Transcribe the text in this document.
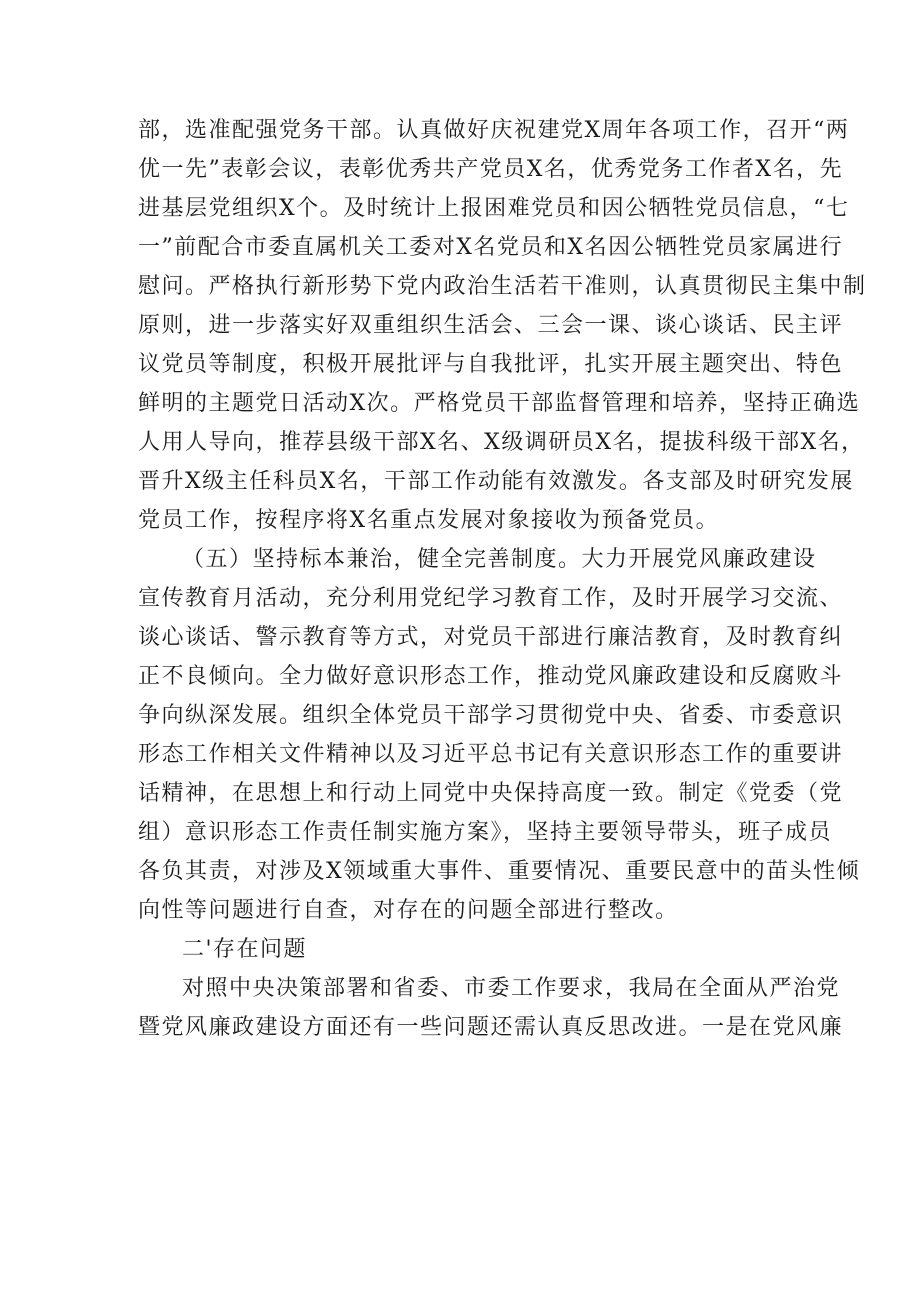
部，选准配强党务干部。认真做好庆祝建党X周年各项工作，召开“两
优一先”表彰会议，表彰优秀共产党员X名，优秀党务工作者X名，先
进基层党组织X个。及时统计上报困难党员和因公牺牲党员信息，“七
一”前配合市委直属机关工委对X名党员和X名因公牺牲党员家属进行
慰问。严格执行新形势下党内政治生活若干准则，认真贯彻民主集中制
原则，进一步落实好双重组织生活会、三会一课、谈心谈话、民主评
议党员等制度，积极开展批评与自我批评，扎实开展主题突出、特色
鲜明的主题党日活动X次。严格党员干部监督管理和培养，坚持正确选
人用人导向，推荐县级干部X名、X级调研员X名，提拔科级干部X名，
晋升X级主任科员X名，干部工作动能有效激发。各支部及时研究发展
党员工作，按程序将X名重点发展对象接收为预备党员。
（五）坚持标本兼治，健全完善制度。大力开展党风廉政建设
宣传教育月活动，充分利用党纪学习教育工作，及时开展学习交流、
谈心谈话、警示教育等方式，对党员干部进行廉洁教育，及时教育纠
正不良倾向。全力做好意识形态工作，推动党风廉政建设和反腐败斗
争向纵深发展。组织全体党员干部学习贯彻党中央、省委、市委意识
形态工作相关文件精神以及习近平总书记有关意识形态工作的重要讲
话精神，在思想上和行动上同党中央保持高度一致。制定《党委（党
组）意识形态工作责任制实施方案》，坚持主要领导带头，班子成员
各负其责，对涉及X领域重大事件、重要情况、重要民意中的苗头性倾
向性等问题进行自查，对存在的问题全部进行整改。
二'存在问题
对照中央决策部署和省委、市委工作要求，我局在全面从严治党
暨党风廉政建设方面还有一些问题还需认真反思改进。一是在党风廉
